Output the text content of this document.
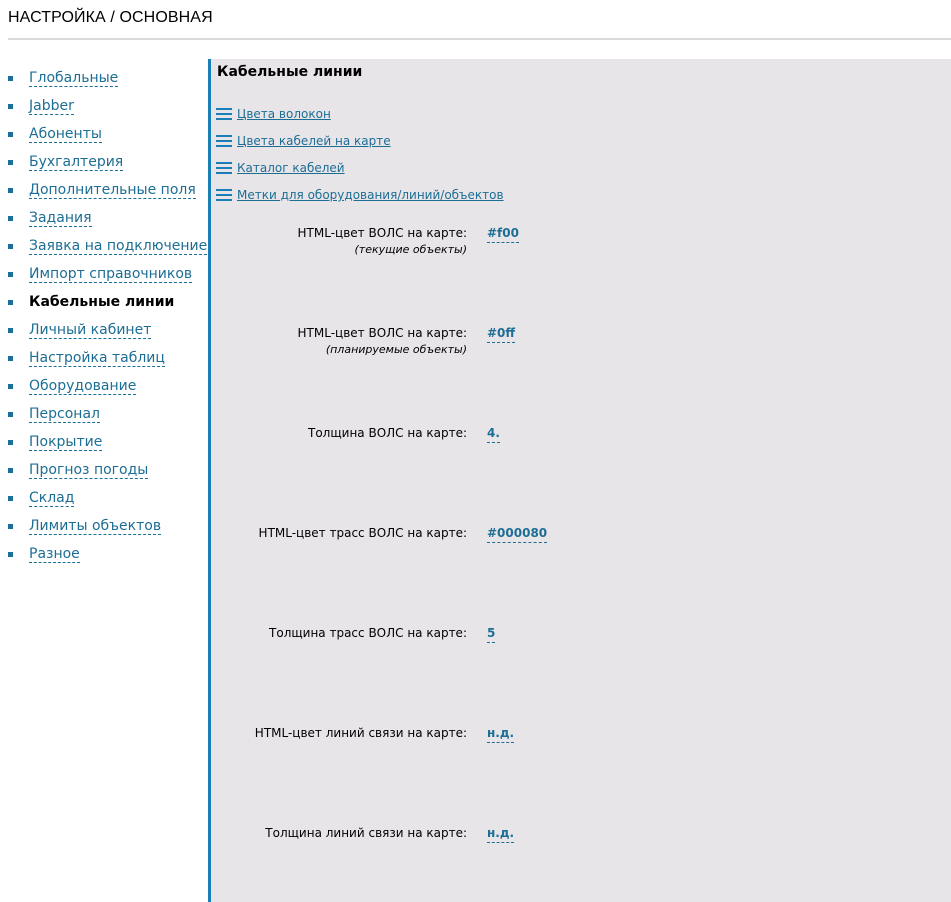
НАСТРОЙКА / ОСНОВНАЯ
Глобальные
Jabber
Абоненты
Бухгалтерия
Дополнительные поля
Задания
Заявка на подключение
Импорт справочников
Кабельные линии
Личный кабинет
Настройка таблиц
Оборудование
Персонал
Покрытие
Прогноз погоды
Склад
Лимиты объектов
Разное
Кабельные линии
Цвета волокон
Цвета кабелей на карте
Каталог кабелей
Метки для оборудования/линий/объектов
HTML-цвет ВОЛС на карте:
(текущие объекты)
#f00
HTML-цвет ВОЛС на карте:
(планируемые объекты)
#0ff
Толщина ВОЛС на карте: 4.
HTML-цвет трасс ВОЛС на карте: #000080
Толщина трасс ВОЛС на карте: 5
HTML-цвет линий связи на карте: н.д.
Толщина линий связи на карте: н.д.
